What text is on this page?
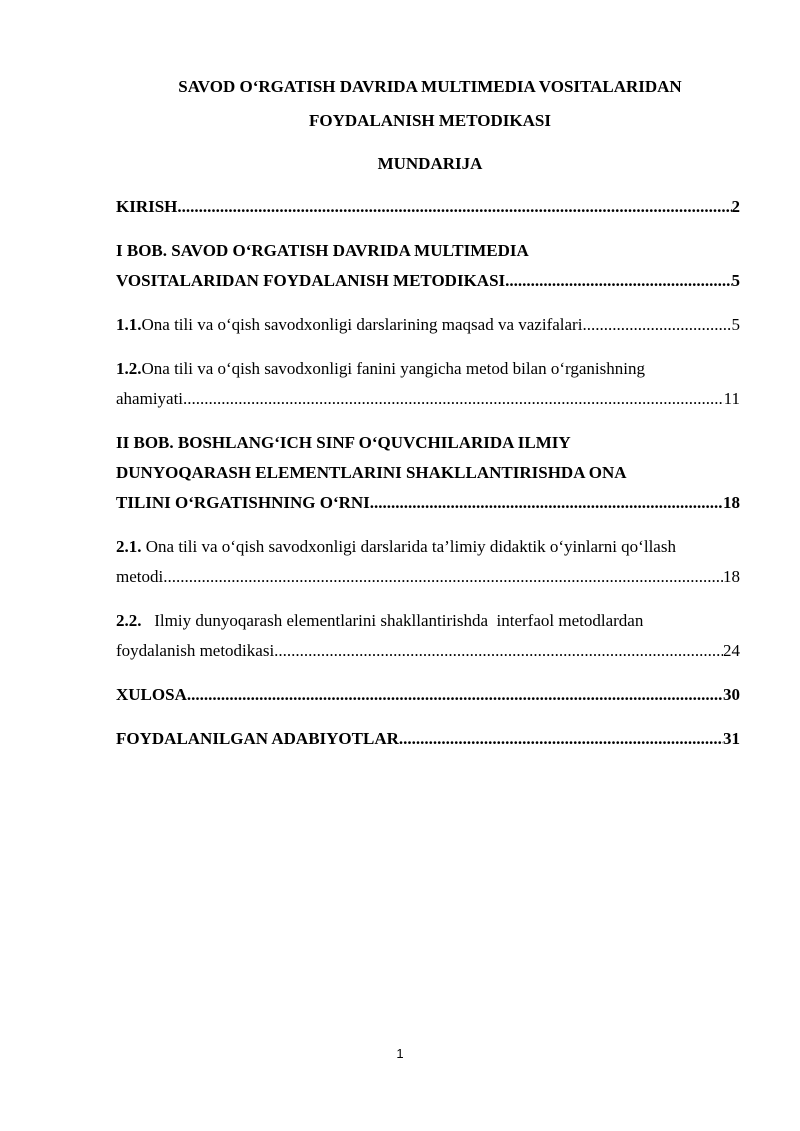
SAVOD O‘RGATISH DAVRIDA MULTIMEDIA VOSITALARIDAN
FOYDALANISH METODIKASI
MUNDARIJA
KIRISH .....	2
I BOB. SAVOD O‘RGATISH DAVRIDA MULTIMEDIA
VOSITALARIDAN FOYDALANISH METODIKASI .....	5
1.1.Ona tili va o‘qish savodxonligi darslarining maqsad va vazifalari .....	5
1.2.Ona tili va o‘qish savodxonligi fanini yangicha metod bilan o‘rganishning
ahamiyati .....	11
II BOB. BOSHLANG‘ICH SINF O‘QUVCHILARIDA ILMIY
DUNYOQARASH ELEMENTLARINI SHAKLLANTIRISHDA ONA
TILINI O‘RGATISHNING O‘RNI .....	18
2.1. Ona tili va o‘qish savodxonligi darslarida ta’limiy didaktik o‘yinlarni qo‘llash
metodi .....	18
2.2.   Ilmiy dunyoqarash elementlarini shakllantirishda  interfaol metodlardan
foydalanish metodikasi .....	24
XULOSA .....	30
FOYDALANILGAN ADABIYOTLAR .....	31
1
